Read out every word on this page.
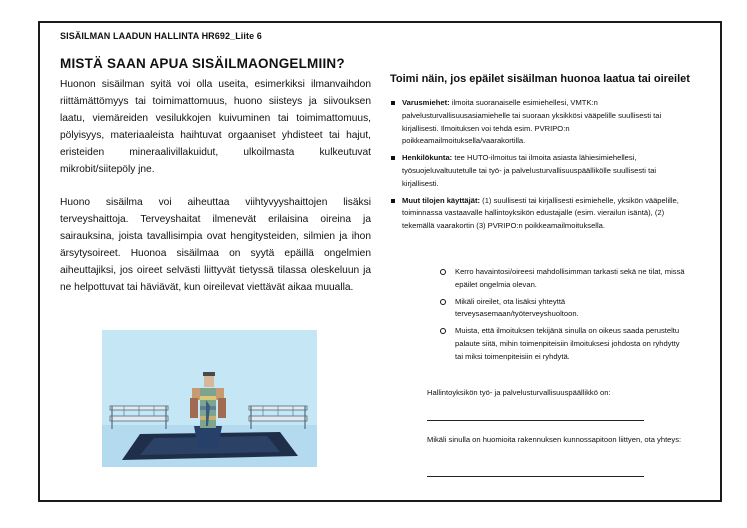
SISÄILMAN LAADUN HALLINTA HR692_Liite 6
MISTÄ SAAN APUA SISÄILMAONGELMIIN?

Huonon sisäilman syitä voi olla useita, esimerkiksi ilmanvaihdon riittämättömyys tai toimimattomuus, huono siisteys ja siivouksen laatu, viemäreiden vesilukkojen kuivuminen tai toimimattomuus, pölyisyys, materiaaleista haihtuvat orgaaniset yhdisteet tai hajut, eristeiden mineraalivillakuidut, ulkoilmasta kulkeutuvat mikrobit/siitepöly jne.

Huono sisäilma voi aiheuttaa viihtyvyyshaittojen lisäksi terveyshaittoja. Terveyshaitat ilmenevät erilaisina oireina ja sairauksina, joista tavallisimpia ovat hengitysteiden, silmien ja ihon ärsytysoireet. Huonoa sisäilmaa on syytä epäillä ongelmien aiheuttajiksi, jos oireet selvästi liittyvät tietyssä tilassa oleskeluun ja ne helpottuvat tai häviävät, kun oireilevat viettävät aikaa muualla.

Toimi näin, jos epäilet sisäilman huonoa laatua tai oireilet
Varusmiehet: ilmoita suoranaiselle esimiehellesi, VMTK:n palvelusturvallisuusasiamiehelle tai suoraan yksikkösi vääpelille suullisesti tai kirjallisesti. Ilmoituksen voi tehdä esim. PVRIPO:n poikkeamailmoituksella/vaarakortilla.
Henkilökunta: tee HUTO-ilmoitus tai ilmoita asiasta lähiesimiehellesi, työsuojeluvaltuutetulle tai työ- ja palvelusturvallisuuspäällikölle suullisesti tai kirjallisesti.
Muut tilojen käyttäjät: (1) suullisesti tai kirjallisesti esimiehelle, yksikön vääpelille, toiminnassa vastaavalle hallintoyksikön edustajalle (esim. vierailun isäntä), (2) tekemällä vaarakortin (3) PVRIPO:n poikkeamailmoituksella.
Kerro havaintosi/oireesi mahdollisimman tarkasti sekä ne tilat, missä epäilet ongelmia olevan.
Mikäli oireilet, ota lisäksi yhteyttä terveysasemaan/työterveyshuoltoon.
Muista, että ilmoituksen tekijänä sinulla on oikeus saada perusteltu palaute siitä, mihin toimenpiteisiin ilmoituksesi johdosta on ryhdytty tai miksi toimenpiteisiin ei ryhdytä.
Hallintoyksikön työ- ja palvelusturvallisuuspäällikkö on:
Mikäli sinulla on huomioita rakennuksen kunnossapitoon liittyen, ota yhteys:
